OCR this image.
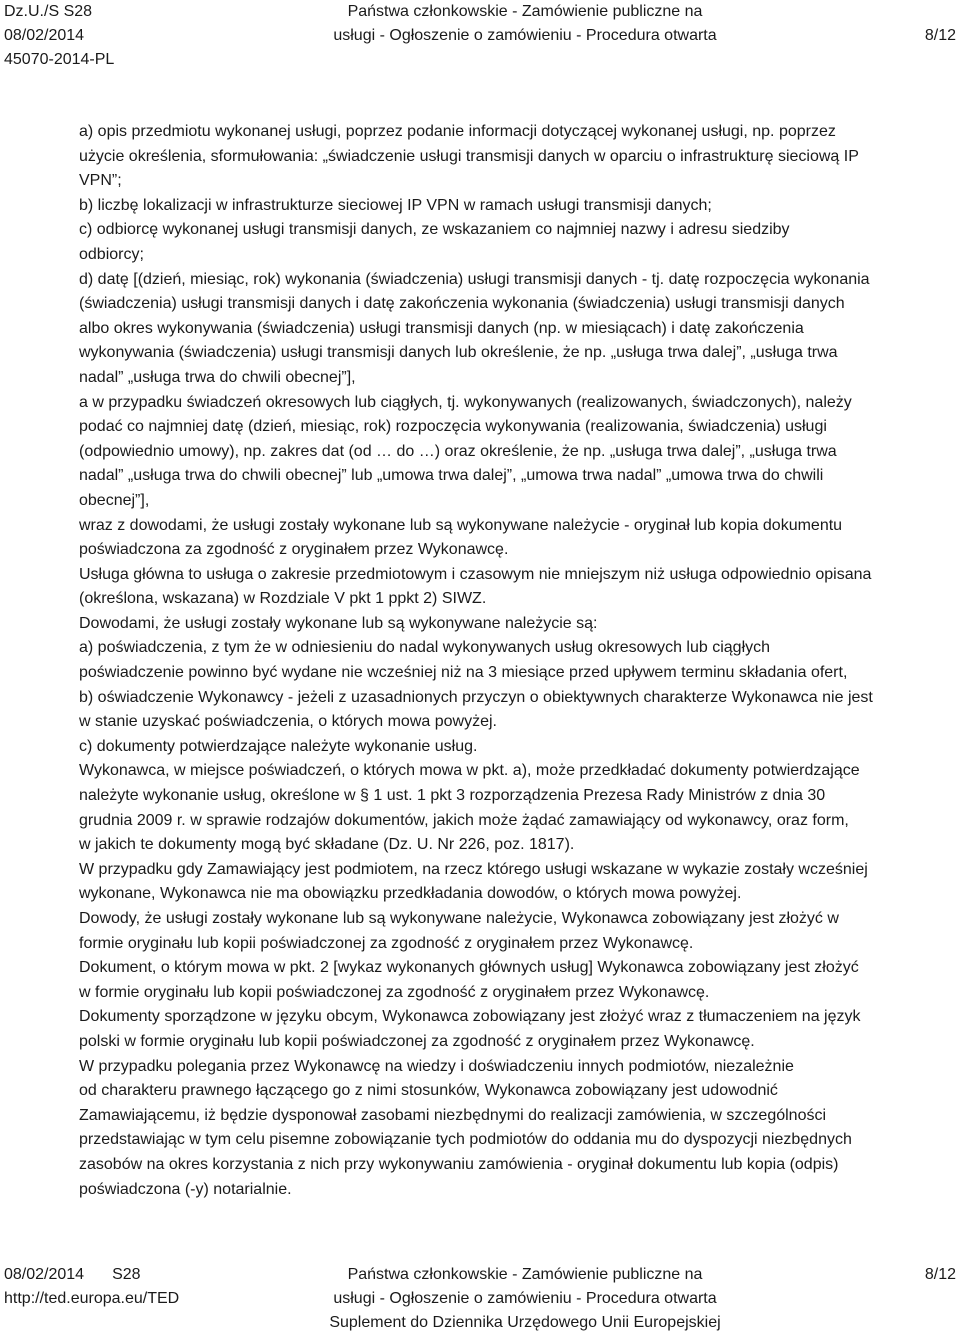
Dz.U./S S28
08/02/2014
45070-2014-PL
Państwa członkowskie - Zamówienie publiczne na
usługi - Ogłoszenie o zamówieniu - Procedura otwarta	8/12

a) opis przedmiotu wykonanej usługi, poprzez podanie informacji dotyczącej wykonanej usługi, np. poprzez

użycie określenia, sformułowania: „świadczenie usługi transmisji danych w oparciu o infrastrukturę sieciową IP

VPN”;

b) liczbę lokalizacji w infrastrukturze sieciowej IP VPN w ramach usługi transmisji danych;

c) odbiorcę wykonanej usługi transmisji danych, ze wskazaniem co najmniej nazwy i adresu siedziby

odbiorcy;

d) datę [(dzień, miesiąc, rok) wykonania (świadczenia) usługi transmisji danych - tj. datę rozpoczęcia wykonania

(świadczenia) usługi transmisji danych i datę zakończenia wykonania (świadczenia) usługi transmisji danych

albo okres wykonywania (świadczenia) usługi transmisji danych (np. w miesiącach) i datę zakończenia

wykonywania (świadczenia) usługi transmisji danych lub określenie, że np. „usługa trwa dalej”, „usługa trwa

nadal” „usługa trwa do chwili obecnej”],

a w przypadku świadczeń okresowych lub ciągłych, tj. wykonywanych (realizowanych, świadczonych), należy

podać co najmniej datę (dzień, miesiąc, rok) rozpoczęcia wykonywania (realizowania, świadczenia) usługi

(odpowiednio umowy), np. zakres dat (od … do …) oraz określenie, że np. „usługa trwa dalej”, „usługa trwa

nadal” „usługa trwa do chwili obecnej” lub „umowa trwa dalej”, „umowa trwa nadal” „umowa trwa do chwili

obecnej”],

wraz z dowodami, że usługi zostały wykonane lub są wykonywane należycie - oryginał lub kopia dokumentu

poświadczona za zgodność z oryginałem przez Wykonawcę.

Usługa główna to usługa o zakresie przedmiotowym i czasowym nie mniejszym niż usługa odpowiednio opisana

(określona, wskazana) w Rozdziale V pkt 1 ppkt 2) SIWZ.

Dowodami, że usługi zostały wykonane lub są wykonywane należycie są:

a) poświadczenia, z tym że w odniesieniu do nadal wykonywanych usług okresowych lub ciągłych

poświadczenie powinno być wydane nie wcześniej niż na 3 miesiące przed upływem terminu składania ofert,

b) oświadczenie Wykonawcy - jeżeli z uzasadnionych przyczyn o obiektywnych charakterze Wykonawca nie jest

w stanie uzyskać poświadczenia, o których mowa powyżej.

c) dokumenty potwierdzające należyte wykonanie usług.

Wykonawca, w miejsce poświadczeń, o których mowa w pkt. a), może przedkładać dokumenty potwierdzające

należyte wykonanie usług, określone w § 1 ust. 1 pkt 3 rozporządzenia Prezesa Rady Ministrów z dnia 30

grudnia 2009 r. w sprawie rodzajów dokumentów, jakich może żądać zamawiający od wykonawcy, oraz form,

w jakich te dokumenty mogą być składane (Dz. U. Nr 226, poz. 1817).

W przypadku gdy Zamawiający jest podmiotem, na rzecz którego usługi wskazane w wykazie zostały wcześniej

wykonane, Wykonawca nie ma obowiązku przedkładania dowodów, o których mowa powyżej.

Dowody, że usługi zostały wykonane lub są wykonywane należycie, Wykonawca zobowiązany jest złożyć w

formie oryginału lub kopii poświadczonej za zgodność z oryginałem przez Wykonawcę.

Dokument, o którym mowa w pkt. 2 [wykaz wykonanych głównych usług] Wykonawca zobowiązany jest złożyć

w formie oryginału lub kopii poświadczonej za zgodność z oryginałem przez Wykonawcę.

Dokumenty sporządzone w języku obcym, Wykonawca zobowiązany jest złożyć wraz z tłumaczeniem na język

polski w formie oryginału lub kopii poświadczonej za zgodność z oryginałem przez Wykonawcę.

W przypadku polegania przez Wykonawcę na wiedzy i doświadczeniu innych podmiotów, niezależnie

od charakteru prawnego łączącego go z nimi stosunków, Wykonawca zobowiązany jest udowodnić

Zamawiającemu, iż będzie dysponował zasobami niezbędnymi do realizacji zamówienia, w szczególności

przedstawiając w tym celu pisemne zobowiązanie tych podmiotów do oddania mu do dyspozycji niezbędnych

zasobów na okres korzystania z nich przy wykonywaniu zamówienia - oryginał dokumentu lub kopia (odpis)

poświadczona (-y) notarialnie.

08/02/2014 S28
http://ted.europa.eu/TED
Państwa członkowskie - Zamówienie publiczne na
usługi - Ogłoszenie o zamówieniu - Procedura otwarta
Suplement do Dziennika Urzędowego Unii Europejskiej
8/12
